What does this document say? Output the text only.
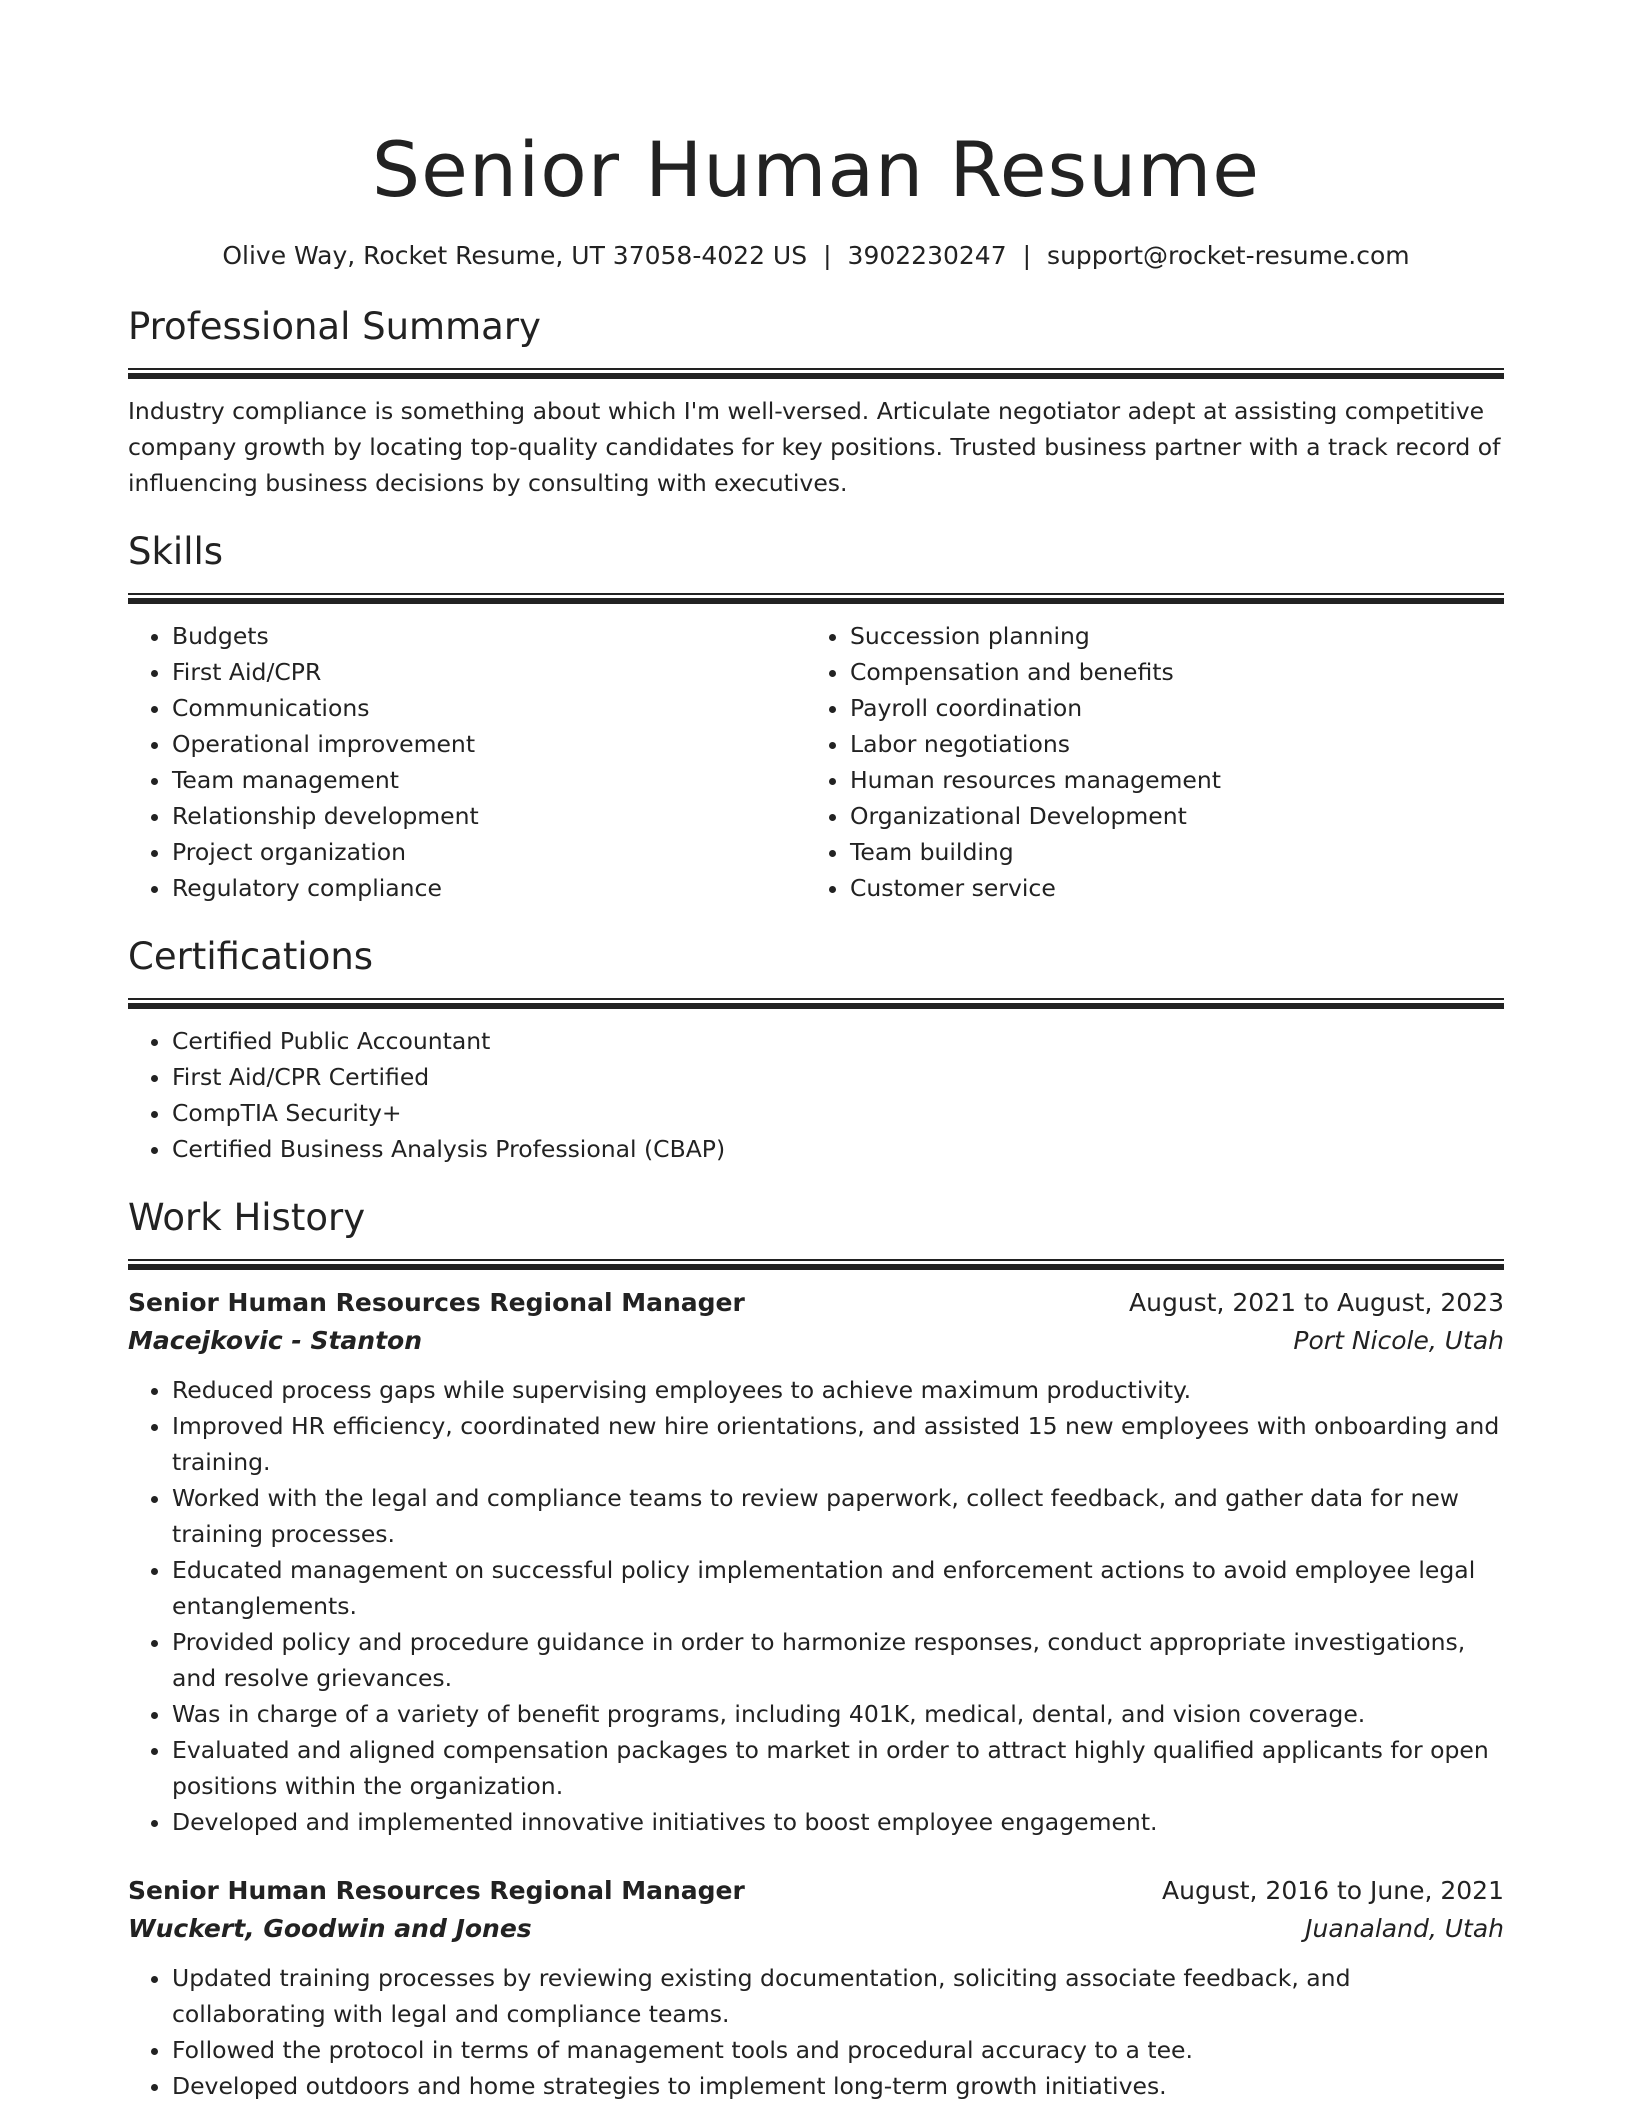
Senior Human Resume
Olive Way, Rocket Resume, UT 37058-4022 US | 3902230247 | support@rocket-resume.com
Professional Summary

Industry compliance is something about which I'm well-versed. Articulate negotiator adept at assisting competitive company growth by locating top-quality candidates for key positions. Trusted business partner with a track record of influencing business decisions by consulting with executives.

Skills
• Budgets
• First Aid/CPR
• Communications
• Operational improvement
• Team management
• Relationship development
• Project organization
• Regulatory compliance
• Succession planning
• Compensation and benefits
• Payroll coordination
• Labor negotiations
• Human resources management
• Organizational Development
• Team building
• Customer service
Certifications
• Certified Public Accountant
• First Aid/CPR Certified
• CompTIA Security+
• Certified Business Analysis Professional (CBAP)
Work History
Senior Human Resources Regional Manager	August, 2021 to August, 2023
Macejkovic - Stanton	Port Nicole, Utah
• Reduced process gaps while supervising employees to achieve maximum productivity.
• Improved HR efficiency, coordinated new hire orientations, and assisted 15 new employees with onboarding and training.
• Worked with the legal and compliance teams to review paperwork, collect feedback, and gather data for new training processes.
• Educated management on successful policy implementation and enforcement actions to avoid employee legal entanglements.
• Provided policy and procedure guidance in order to harmonize responses, conduct appropriate investigations, and resolve grievances.
• Was in charge of a variety of benefit programs, including 401K, medical, dental, and vision coverage.
• Evaluated and aligned compensation packages to market in order to attract highly qualified applicants for open positions within the organization.
• Developed and implemented innovative initiatives to boost employee engagement.
Senior Human Resources Regional Manager	August, 2016 to June, 2021
Wuckert, Goodwin and Jones	Juanaland, Utah
• Updated training processes by reviewing existing documentation, soliciting associate feedback, and collaborating with legal and compliance teams.
• Followed the protocol in terms of management tools and procedural accuracy to a tee.
• Developed outdoors and home strategies to implement long-term growth initiatives.
